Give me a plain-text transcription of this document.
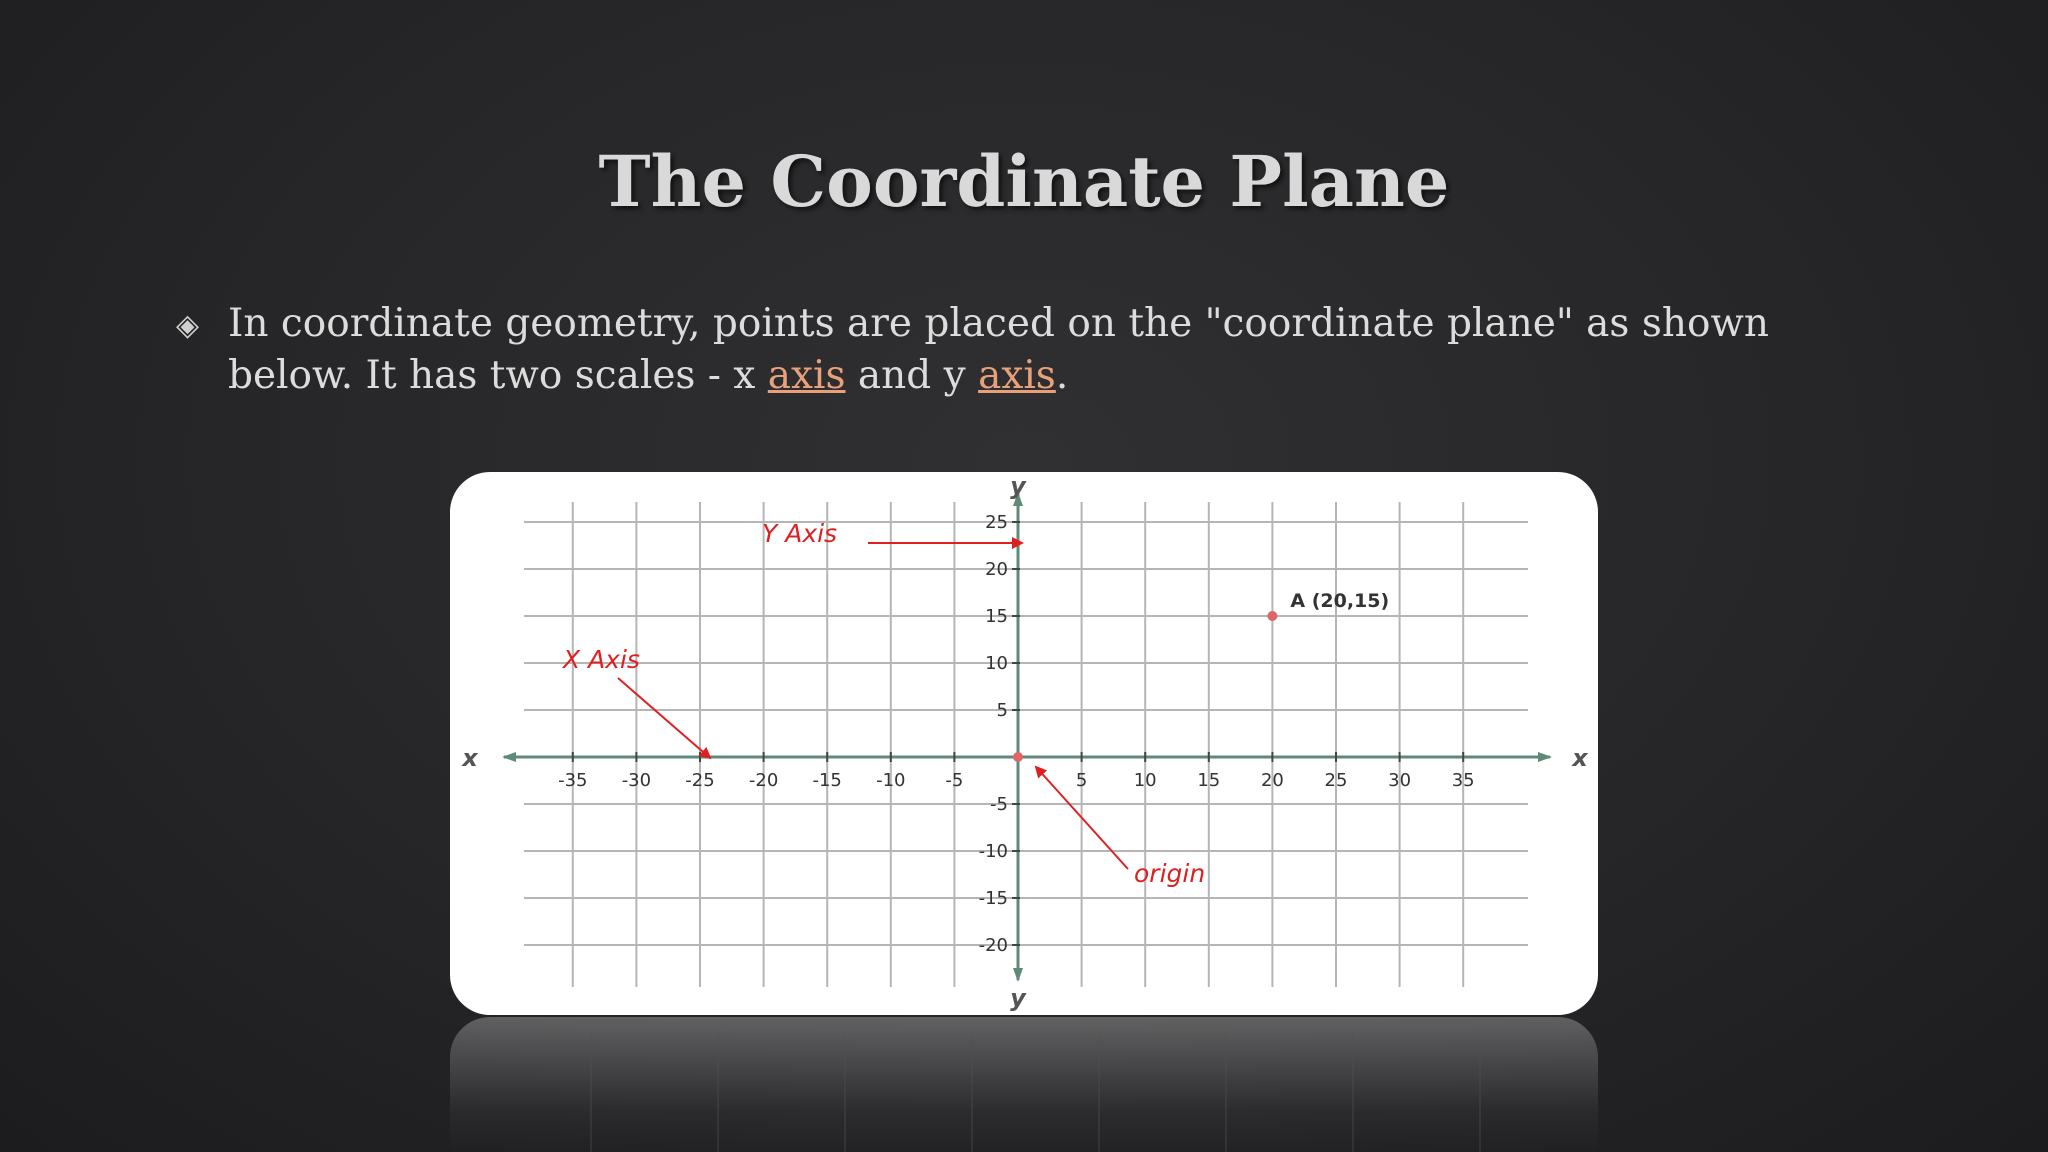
The Coordinate Plane
◈ In coordinate geometry, points are placed on the "coordinate plane" as shown below. It has two scales - x axis and y axis.
x	x
y
y
-35 -30 -25 -20 -15 -10 -5	5	10 15 20 25 30 35
25
20
15
10
5
-5
-10
-15
-20
Y Axis
X Axis
origin
A (20,15)
